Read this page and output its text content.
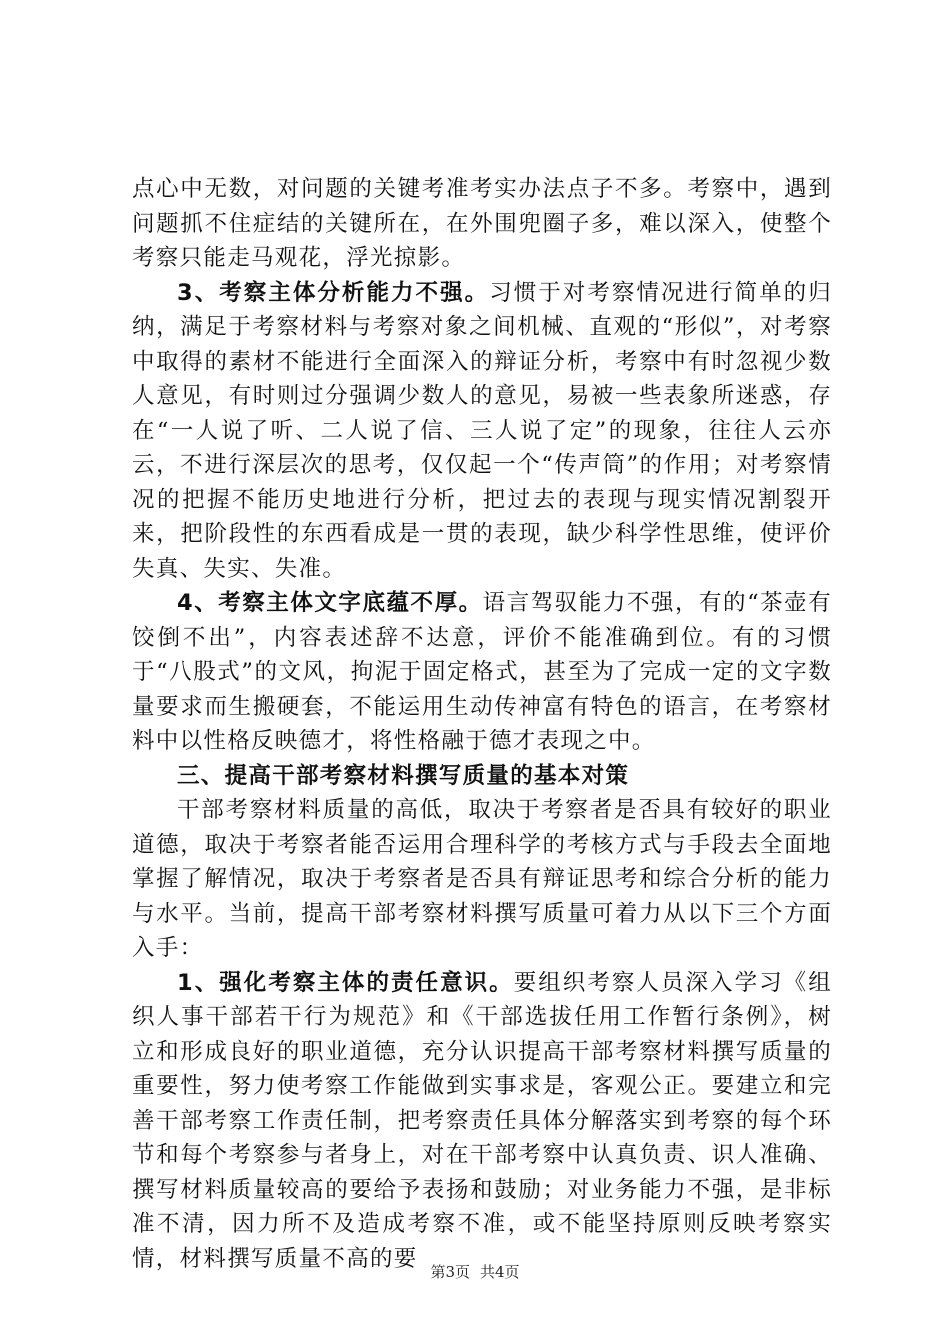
点心中无数，对问题的关键考准考实办法点子不多。考察中，遇到问题抓不住症结的关键所在，在外围兜圈子多，难以深入，使整个考察只能走马观花，浮光掠影。

3、考察主体分析能力不强。习惯于对考察情况进行简单的归纳，满足于考察材料与考察对象之间机械、直观的“形似”，对考察中取得的素材不能进行全面深入的辩证分析，考察中有时忽视少数人意见，有时则过分强调少数人的意见，易被一些表象所迷惑，存在“一人说了听、二人说了信、三人说了定”的现象，往往人云亦云，不进行深层次的思考，仅仅起一个“传声筒”的作用；对考察情况的把握不能历史地进行分析，把过去的表现与现实情况割裂开来，把阶段性的东西看成是一贯的表现，缺少科学性思维，使评价失真、失实、失准。

4、考察主体文字底蕴不厚。语言驾驭能力不强，有的“茶壶有饺倒不出”，内容表述辞不达意，评价不能准确到位。有的习惯于“八股式”的文风，拘泥于固定格式，甚至为了完成一定的文字数量要求而生搬硬套，不能运用生动传神富有特色的语言，在考察材料中以性格反映德才，将性格融于德才表现之中。

三、提高干部考察材料撰写质量的基本对策

干部考察材料质量的高低，取决于考察者是否具有较好的职业道德，取决于考察者能否运用合理科学的考核方式与手段去全面地掌握了解情况，取决于考察者是否具有辩证思考和综合分析的能力与水平。当前，提高干部考察材料撰写质量可着力从以下三个方面入手：

1、强化考察主体的责任意识。要组织考察人员深入学习《组织人事干部若干行为规范》和《干部选拔任用工作暂行条例》，树立和形成良好的职业道德，充分认识提高干部考察材料撰写质量的重要性，努力使考察工作能做到实事求是，客观公正。要建立和完善干部考察工作责任制，把考察责任具体分解落实到考察的每个环节和每个考察参与者身上，对在干部考察中认真负责、识人准确、撰写材料质量较高的要给予表扬和鼓励；对业务能力不强，是非标准不清，因力所不及造成考察不准，或不能坚持原则反映考察实情，材料撰写质量不高的要

第3页 共4页
